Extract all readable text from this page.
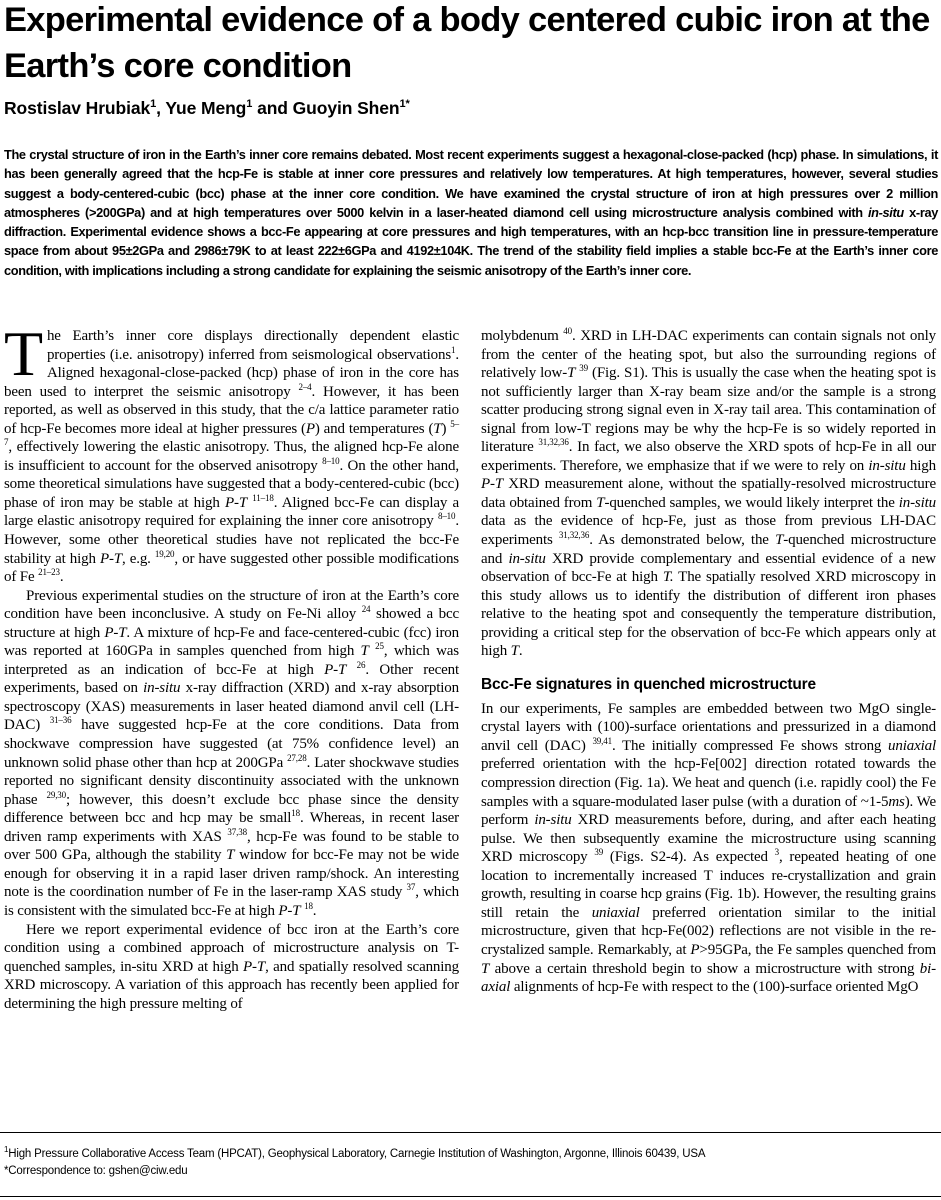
Experimental evidence of a body centered cubic iron at the Earth’s core condition
Rostislav Hrubiak$^1$, Yue Meng$^1$ and Guoyin Shen$^{1*}$

The crystal structure of iron in the Earth’s inner core remains debated. Most recent experiments suggest a hexagonal-close-packed (hcp) phase. In simulations, it has been generally agreed that the hcp-Fe is stable at inner core pressures and relatively low temperatures. At high temperatures, however, several studies suggest a body-centered-cubic (bcc) phase at the inner core condition. We have examined the crystal structure of iron at high pressures over 2 million atmospheres (>200GPa) and at high temperatures over 5000 kelvin in a laser-heated diamond cell using microstructure analysis combined with in-situ x-ray diffraction. Experimental evidence shows a bcc-Fe appearing at core pressures and high temperatures, with an hcp-bcc transition line in pressure-temperature space from about 95±2GPa and 2986±79K to at least 222±6GPa and 4192±104K. The trend of the stability field implies a stable bcc-Fe at the Earth’s inner core condition, with implications including a strong candidate for explaining the seismic anisotropy of the Earth’s inner core.

The Earth’s inner core displays directionally dependent elastic properties (i.e. anisotropy) inferred from seismological observations$^1$. Aligned hexagonal-close-packed (hcp) phase of iron in the core has been used to interpret the seismic anisotropy $^{2-4}$. However, it has been reported, as well as observed in this study, that the c/a lattice parameter ratio of hcp-Fe becomes more ideal at higher pressures (P) and temperatures (T) $^{5-7}$, effectively lowering the elastic anisotropy. Thus, the aligned hcp-Fe alone is insufficient to account for the observed anisotropy $^{8-10}$. On the other hand, some theoretical simulations have suggested that a body-centered-cubic (bcc) phase of iron may be stable at high P-T $^{11-18}$. Aligned bcc-Fe can display a large elastic anisotropy required for explaining the inner core anisotropy $^{8-10}$. However, some other theoretical studies have not replicated the bcc-Fe stability at high P-T, e.g. $^{19,20}$, or have suggested other possible modifications of Fe $^{21-23}$.

Previous experimental studies on the structure of iron at the Earth’s core condition have been inconclusive. A study on Fe-Ni alloy $^{24}$ showed a bcc structure at high P-T. A mixture of hcp-Fe and face-centered-cubic (fcc) iron was reported at 160GPa in samples quenched from high T $^{25}$, which was interpreted as an indication of bcc-Fe at high P-T $^{26}$. Other recent experiments, based on in-situ x-ray diffraction (XRD) and x-ray absorption spectroscopy (XAS) measurements in laser heated diamond anvil cell (LH-DAC) $^{31-36}$ have suggested hcp-Fe at the core conditions. Data from shockwave compression have suggested (at 75% confidence level) an unknown solid phase other than hcp at 200GPa $^{27,28}$. Later shockwave studies reported no significant density discontinuity associated with the unknown phase $^{29,30}$; however, this doesn’t exclude bcc phase since the density difference between bcc and hcp may be small$^{18}$. Whereas, in recent laser driven ramp experiments with XAS $^{37,38}$, hcp-Fe was found to be stable to over 500 GPa, although the stability T window for bcc-Fe may not be wide enough for observing it in a rapid laser driven ramp/shock. An interesting note is the coordination number of Fe in the laser-ramp XAS study $^{37}$, which is consistent with the simulated bcc-Fe at high P-T $^{18}$.

Here we report experimental evidence of bcc iron at the Earth’s core condition using a combined approach of microstructure analysis on T-quenched samples, in-situ XRD at high P-T, and spatially resolved scanning XRD microscopy. A variation of this approach has recently been applied for determining the high pressure melting of

molybdenum $^{40}$. XRD in LH-DAC experiments can contain signals not only from the center of the heating spot, but also the surrounding regions of relatively low-T $^{39}$ (Fig. S1). This is usually the case when the heating spot is not sufficiently larger than X-ray beam size and/or the sample is a strong scatter producing strong signal even in X-ray tail area. This contamination of signal from low-T regions may be why the hcp-Fe is so widely reported in literature $^{31,32,36}$. In fact, we also observe the XRD spots of hcp-Fe in all our experiments. Therefore, we emphasize that if we were to rely on in-situ high P-T XRD measurement alone, without the spatially-resolved microstructure data obtained from T-quenched samples, we would likely interpret the in-situ data as the evidence of hcp-Fe, just as those from previous LH-DAC experiments $^{31,32,36}$. As demonstrated below, the T-quenched microstructure and in-situ XRD provide complementary and essential evidence of a new observation of bcc-Fe at high T. The spatially resolved XRD microscopy in this study allows us to identify the distribution of different iron phases relative to the heating spot and consequently the temperature distribution, providing a critical step for the observation of bcc-Fe which appears only at high T.

Bcc-Fe signatures in quenched microstructure

In our experiments, Fe samples are embedded between two MgO single-crystal layers with (100)-surface orientations and pressurized in a diamond anvil cell (DAC) $^{39,41}$. The initially compressed Fe shows strong uniaxial preferred orientation with the hcp-Fe[002] direction rotated towards the compression direction (Fig. 1a). We heat and quench (i.e. rapidly cool) the Fe samples with a square-modulated laser pulse (with a duration of ~1-5ms). We perform in-situ XRD measurements before, during, and after each heating pulse. We then subsequently examine the microstructure using scanning XRD microscopy $^{39}$ (Figs. S2-4). As expected $^3$, repeated heating of one location to incrementally increased T induces re-crystallization and grain growth, resulting in coarse hcp grains (Fig. 1b). However, the resulting grains still retain the uniaxial preferred orientation similar to the initial microstructure, given that hcp-Fe(002) reflections are not visible in the re-crystalized sample. Remarkably, at P>95GPa, the Fe samples quenched from T above a certain threshold begin to show a microstructure with strong bi-axial alignments of hcp-Fe with respect to the (100)-surface oriented MgO

$^1$High Pressure Collaborative Access Team (HPCAT), Geophysical Laboratory, Carnegie Institution of Washington, Argonne, Illinois 60439, USA
*Correspondence to: gshen@ciw.edu
